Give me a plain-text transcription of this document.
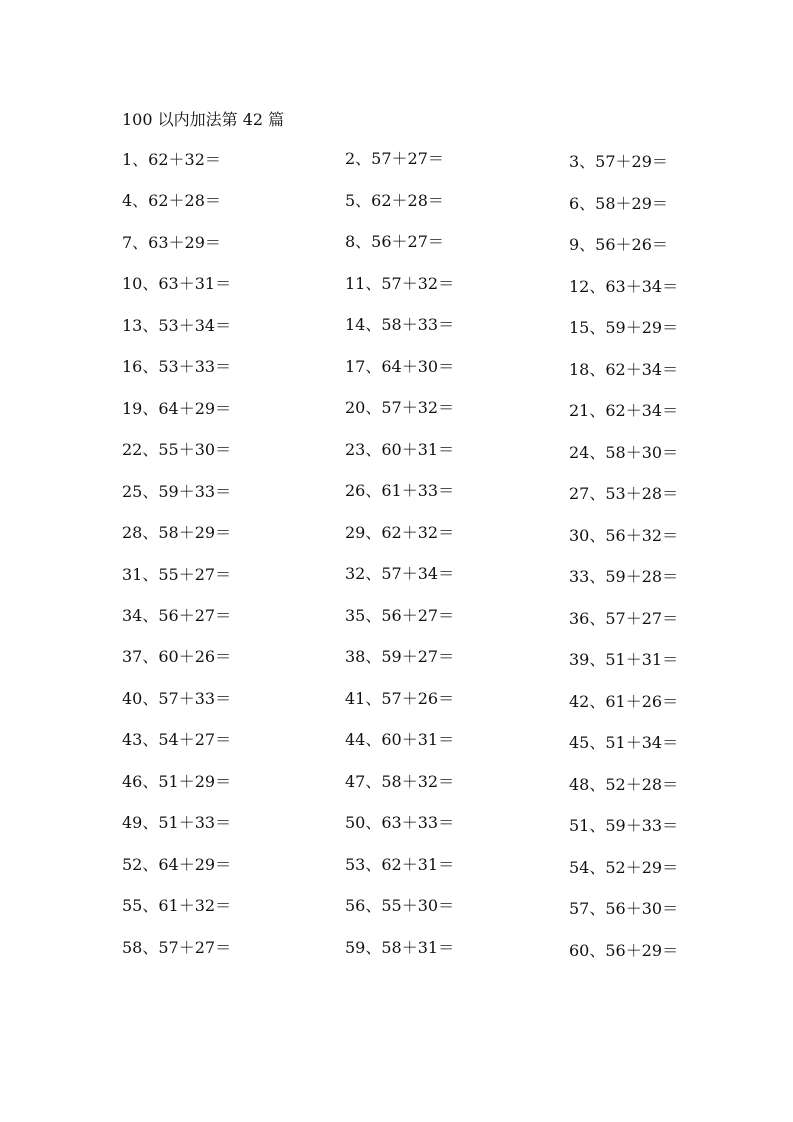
100 以内加法第 42 篇
1、62＋32＝	2、57＋27＝	3、57＋29＝
4、62＋28＝	5、62＋28＝	6、58＋29＝
7、63＋29＝	8、56＋27＝	9、56＋26＝
10、63＋31＝	11、57＋32＝	12、63＋34＝
13、53＋34＝	14、58＋33＝	15、59＋29＝
16、53＋33＝	17、64＋30＝	18、62＋34＝
19、64＋29＝	20、57＋32＝	21、62＋34＝
22、55＋30＝	23、60＋31＝	24、58＋30＝
25、59＋33＝	26、61＋33＝	27、53＋28＝
28、58＋29＝	29、62＋32＝	30、56＋32＝
31、55＋27＝	32、57＋34＝	33、59＋28＝
34、56＋27＝	35、56＋27＝	36、57＋27＝
37、60＋26＝	38、59＋27＝	39、51＋31＝
40、57＋33＝	41、57＋26＝	42、61＋26＝
43、54＋27＝	44、60＋31＝	45、51＋34＝
46、51＋29＝	47、58＋32＝	48、52＋28＝
49、51＋33＝	50、63＋33＝	51、59＋33＝
52、64＋29＝	53、62＋31＝	54、52＋29＝
55、61＋32＝	56、55＋30＝	57、56＋30＝
58、57＋27＝	59、58＋31＝	60、56＋29＝
